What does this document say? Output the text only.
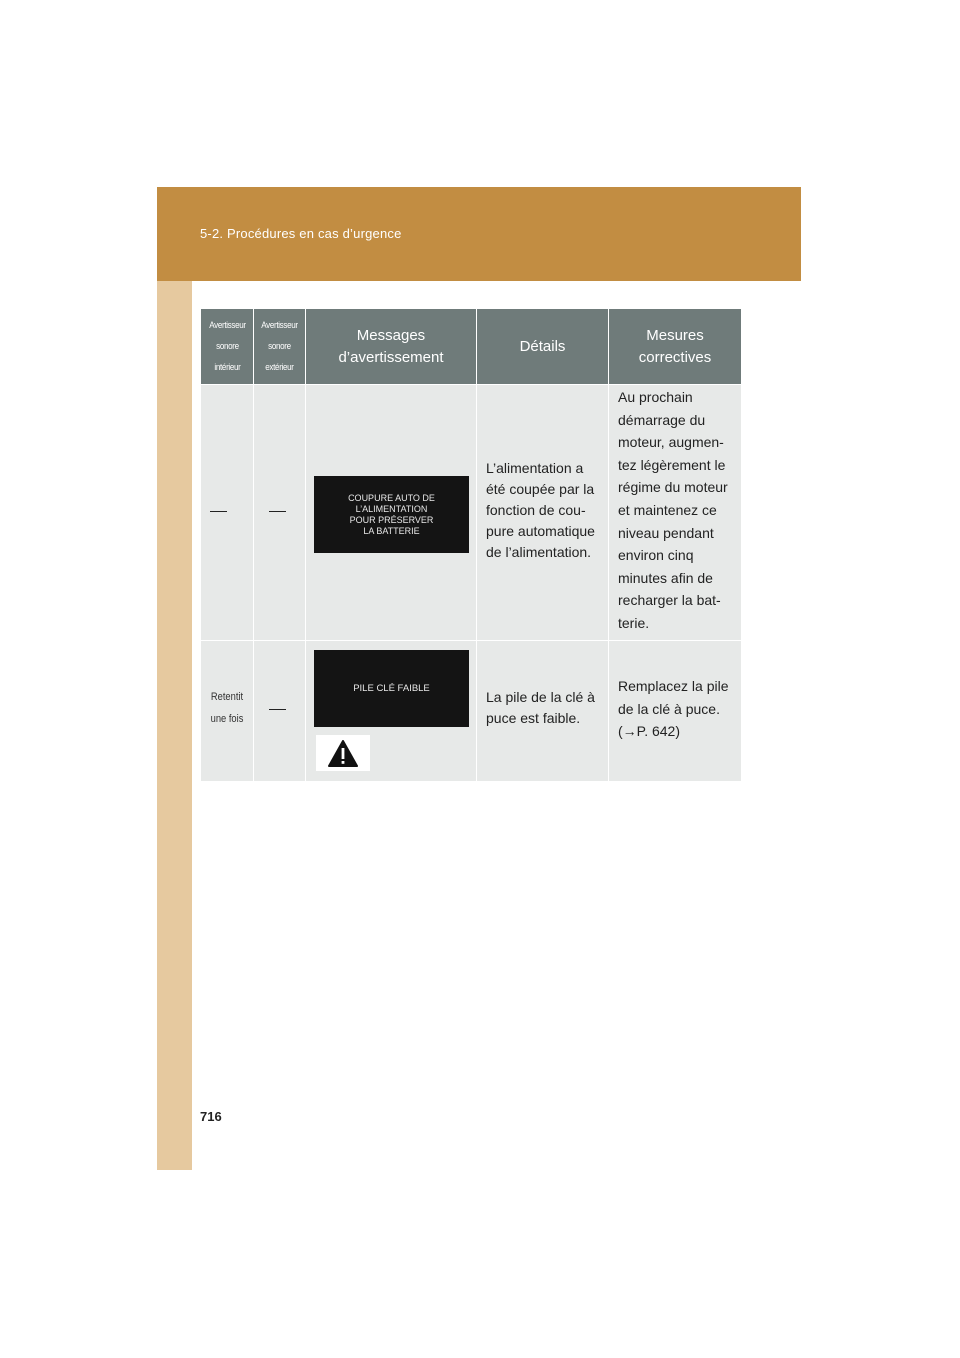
5-2. Procédures en cas d’urgence
Avertisseur
sonore
intérieur
Avertisseur
sonore
extérieur
Messages
d’avertissement
Détails
Mesures
correctives
COUPURE AUTO DE
L’ALIMENTATION
POUR PRÉSERVER
LA BATTERIE
L’alimentation a
été coupée par la
fonction de cou-
pure automatique
de l’alimentation.
Au prochain
démarrage du
moteur, augmen-
tez légèrement le
régime du moteur
et maintenez ce
niveau pendant
environ cinq
minutes afin de
recharger la bat-
terie.
Retentit
une fois
PILE CLÉ FAIBLE
La pile de la clé à
puce est faible.
Remplacez la pile
de la clé à puce.
(→P. 642)
716
